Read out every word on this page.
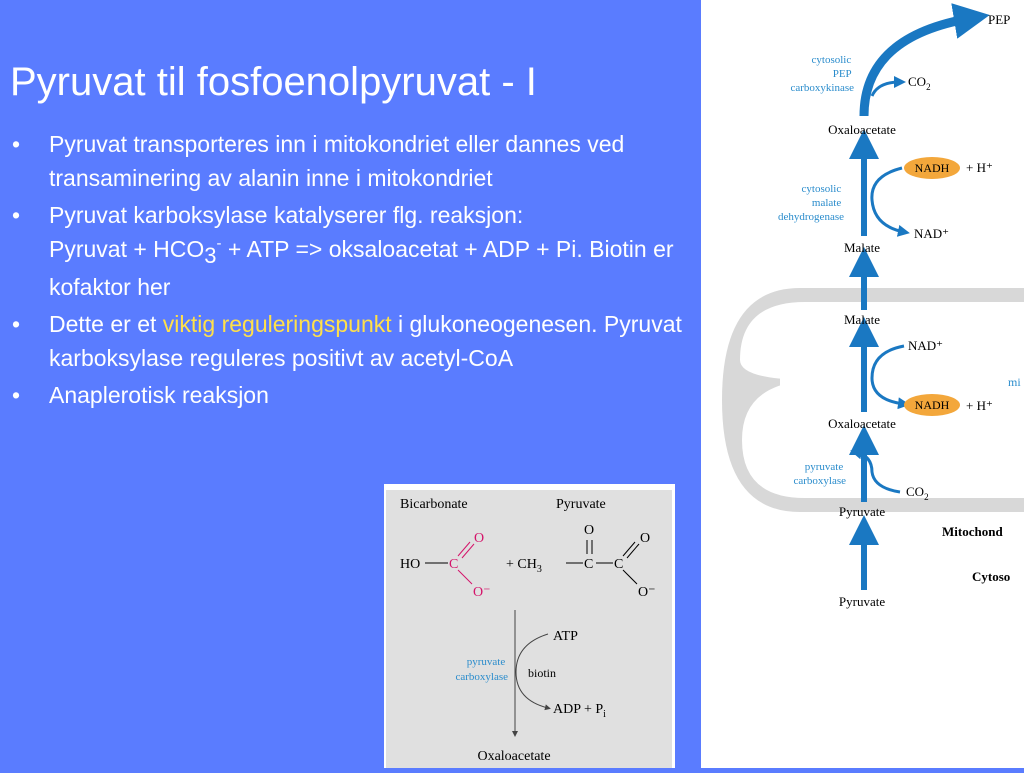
Pyruvat til fosfoenolpyruvat - I
• Pyruvat transporteres inn i mitokondriet eller dannes ved transaminering av alanin inne i mitokondriet
• Pyruvat karboksylase katalyserer flg. reaksjon:
Pyruvat + HCO3- + ATP => oksaloacetat + ADP + Pi. Biotin er kofaktor her
• Dette er et viktig reguleringspunkt i glukoneogenesen. Pyruvat karboksylase reguleres positivt av acetyl-CoA
• Anaplerotisk reaksjon
PEP
$CO_2$
Oxaloacetate
NADH + H⁺
NAD⁺
Malate
Malate
NAD⁺
mi
NADH + H⁺
Oxaloacetate
$CO_2$
Pyruvate
Mitochond
Cytoso
Pyruvate
cytosolic PEP carboxykinase
cytosolic malate dehydrogenase
pyruvate carboxylase
Bicarbonate	Pyruvate
HO C
O
O⁻
+ $CH_3$	C
O
C
O
O⁻
ATP
pyruvate carboxylase biotin
ADP + $P_i$
Oxaloacetate
